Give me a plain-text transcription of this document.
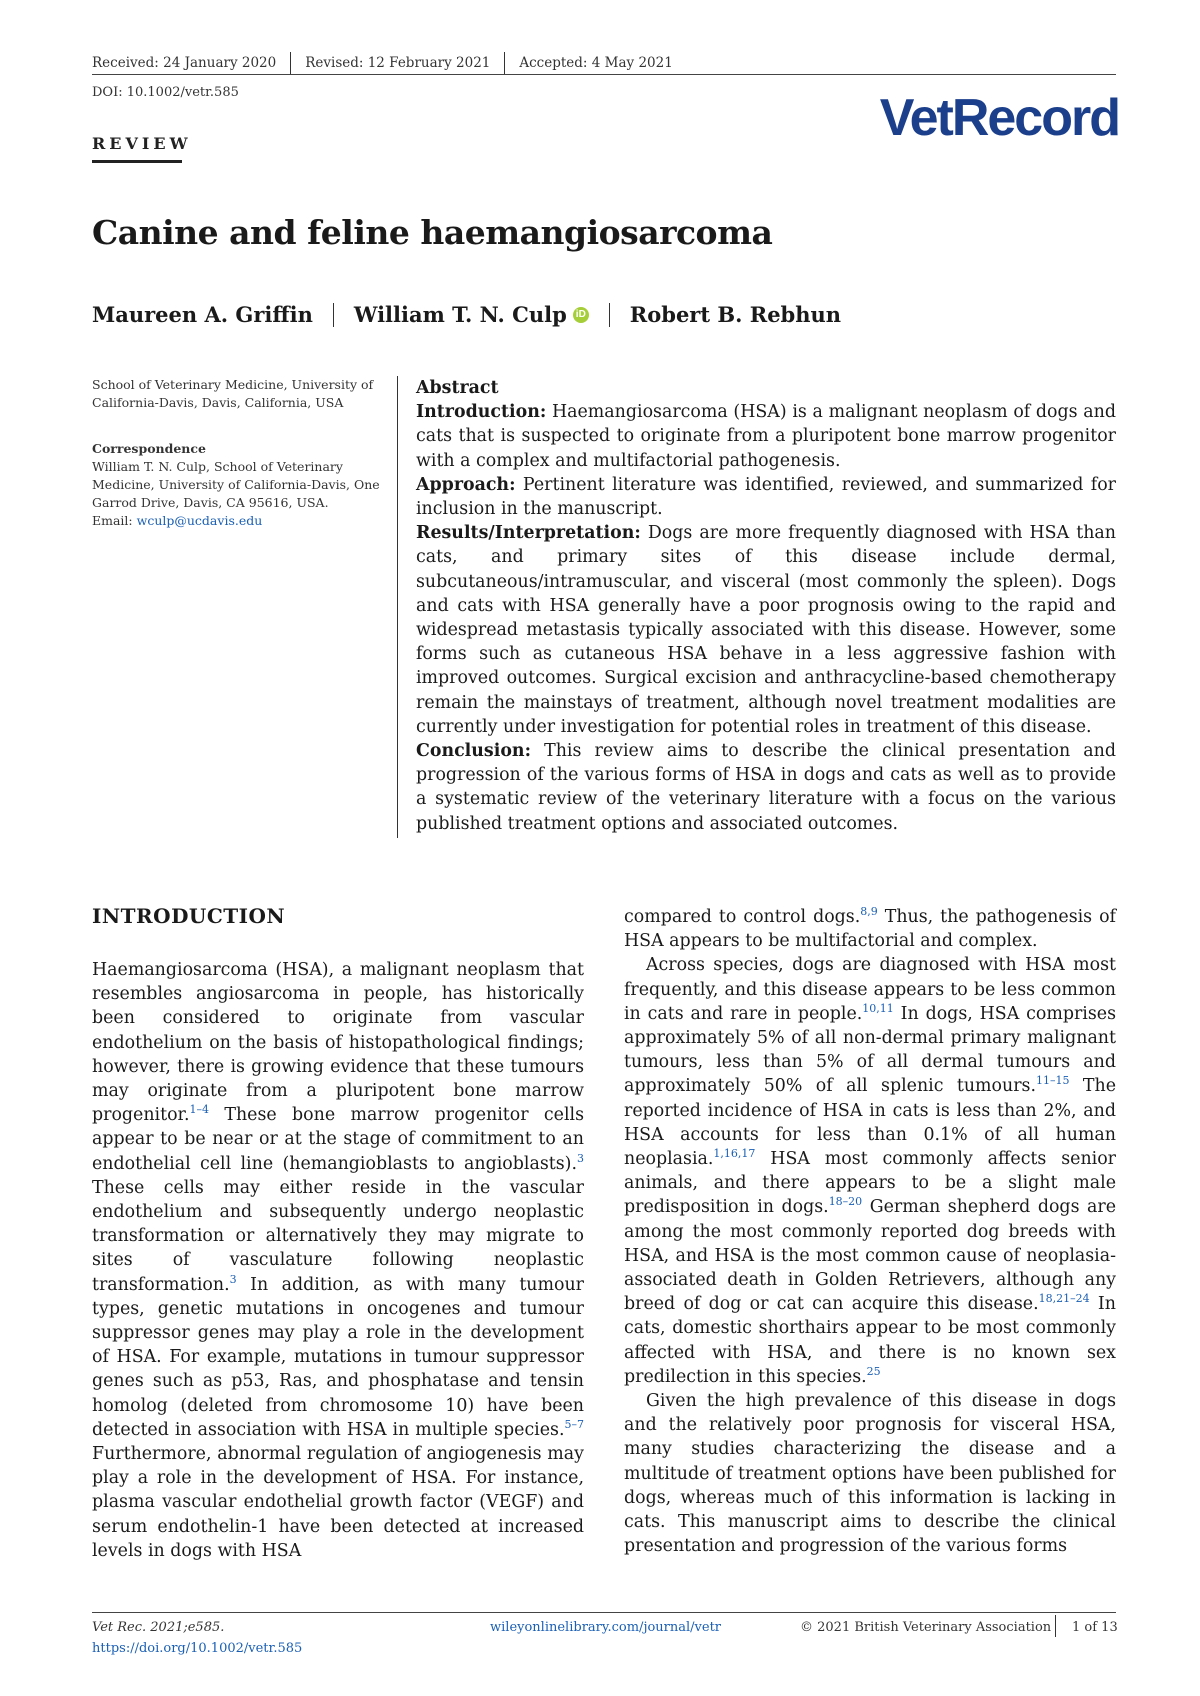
Received: 24 January 2020 Revised: 12 February 2021 Accepted: 4 May 2021
DOI: 10.1002/vetr.585	VetRecord
REVIEW
Canine and feline haemangiosarcoma
Maureen A. Griffin William T. N. Culp iD Robert B. Rebhun
School of Veterinary Medicine, University of California-Davis, Davis, California, USA
Correspondence
William T. N. Culp, School of Veterinary Medicine, University of California-Davis, One Garrod Drive, Davis, CA 95616, USA.
Email: wculp@ucdavis.edu

Abstract

Introduction: Haemangiosarcoma (HSA) is a malignant neoplasm of dogs and cats that is suspected to originate from a pluripotent bone marrow progenitor with a complex and multifactorial pathogenesis.

Approach: Pertinent literature was identified, reviewed, and summarized for inclusion in the manuscript.

Results/Interpretation: Dogs are more frequently diagnosed with HSA than cats, and primary sites of this disease include dermal, subcutaneous/intramuscular, and visceral (most commonly the spleen). Dogs and cats with HSA generally have a poor prognosis owing to the rapid and widespread metastasis typically associated with this disease. However, some forms such as cutaneous HSA behave in a less aggressive fashion with improved outcomes. Surgical excision and anthracycline-based chemotherapy remain the mainstays of treatment, although novel treatment modalities are currently under investigation for potential roles in treatment of this disease.

Conclusion: This review aims to describe the clinical presentation and progression of the various forms of HSA in dogs and cats as well as to provide a systematic review of the veterinary literature with a focus on the various published treatment options and associated outcomes.

INTRODUCTION

Haemangiosarcoma (HSA), a malignant neoplasm that resembles angiosarcoma in people, has historically been considered to originate from vascular endothelium on the basis of histopathological findings; however, there is growing evidence that these tumours may originate from a pluripotent bone marrow progenitor.$^{1-4}$ These bone marrow progenitor cells appear to be near or at the stage of commitment to an endothelial cell line (hemangioblasts to angioblasts).$^3$ These cells may either reside in the vascular endothelium and subsequently undergo neoplastic transformation or alternatively they may migrate to sites of vasculature following neoplastic transformation.$^3$ In addition, as with many tumour types, genetic mutations in oncogenes and tumour suppressor genes may play a role in the development of HSA. For example, mutations in tumour suppressor genes such as p53, Ras, and phosphatase and tensin homolog (deleted from chromosome 10) have been detected in association with HSA in multiple species.$^{5-7}$ Furthermore, abnormal regulation of angiogenesis may play a role in the development of HSA. For instance, plasma vascular endothelial growth factor (VEGF) and serum endothelin-1 have been detected at increased levels in dogs with HSA

compared to control dogs.$^{8,9}$ Thus, the pathogenesis of HSA appears to be multifactorial and complex.

Across species, dogs are diagnosed with HSA most frequently, and this disease appears to be less common in cats and rare in people.$^{10,11}$ In dogs, HSA comprises approximately 5% of all non-dermal primary malignant tumours, less than 5% of all dermal tumours and approximately 50% of all splenic tumours.$^{11-15}$ The reported incidence of HSA in cats is less than 2%, and HSA accounts for less than 0.1% of all human neoplasia.$^{1,16,17}$ HSA most commonly affects senior animals, and there appears to be a slight male predisposition in dogs.$^{18-20}$ German shepherd dogs are among the most commonly reported dog breeds with HSA, and HSA is the most common cause of neoplasia-associated death in Golden Retrievers, although any breed of dog or cat can acquire this disease.$^{18,21-24}$ In cats, domestic shorthairs appear to be most commonly affected with HSA, and there is no known sex predilection in this species.$^{25}$

Given the high prevalence of this disease in dogs and the relatively poor prognosis for visceral HSA, many studies characterizing the disease and a multitude of treatment options have been published for dogs, whereas much of this information is lacking in cats. This manuscript aims to describe the clinical presentation and progression of the various forms

Vet Rec. 2021;e585.
https://doi.org/10.1002/vetr.585
wileyonlinelibrary.com/journal/vetr	© 2021 British Veterinary Association 1 of 13
